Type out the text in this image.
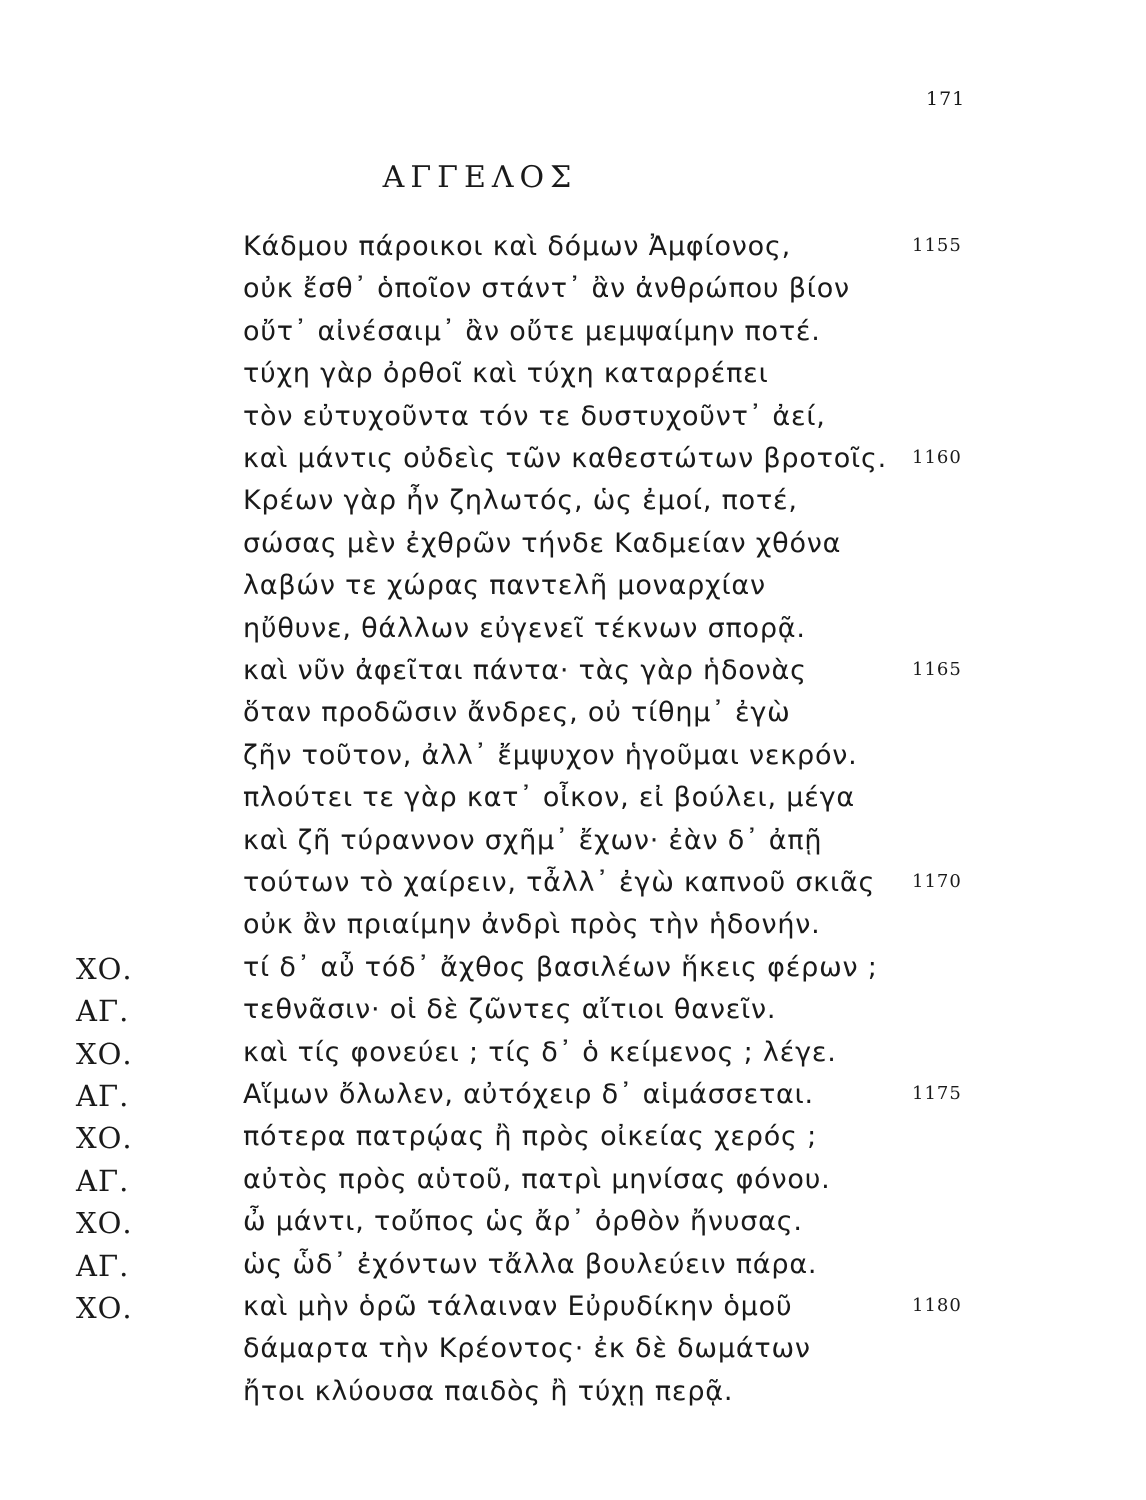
171
ΑΓΓΕΛΟΣ
Κάδμου πάροικοι καὶ δόμων Ἀμφίονος,	1155
οὐκ ἔσθ᾽ ὁποῖον στάντ᾽ ἂν ἀνθρώπου βίον
οὔτ᾽ αἰνέσαιμ᾽ ἂν οὔτε μεμψαίμην ποτέ.
τύχη γὰρ ὀρθοῖ καὶ τύχη καταρρέπει
τὸν εὐτυχοῦντα τόν τε δυστυχοῦντ᾽ ἀεί,
καὶ μάντις οὐδεὶς τῶν καθεστώτων βροτοῖς. 1160
Κρέων γὰρ ἦν ζηλωτός, ὡς ἐμοί, ποτέ,
σώσας μὲν ἐχθρῶν τήνδε Καδμείαν χθόνα
λαβών τε χώρας παντελῆ μοναρχίαν
ηὔθυνε, θάλλων εὐγενεῖ τέκνων σπορᾷ.
καὶ νῦν ἀφεῖται πάντα· τὰς γὰρ ἡδονὰς	1165
ὅταν προδῶσιν ἄνδρες, οὐ τίθημ᾽ ἐγὼ
ζῆν τοῦτον, ἀλλ᾽ ἔμψυχον ἡγοῦμαι νεκρόν.
πλούτει τε γὰρ κατ᾽ οἶκον, εἰ βούλει, μέγα
καὶ ζῆ τύραννον σχῆμ᾽ ἔχων· ἐὰν δ᾽ ἀπῇ
τούτων τὸ χαίρειν, τἆλλ᾽ ἐγὼ καπνοῦ σκιᾶς 1170
οὐκ ἂν πριαίμην ἀνδρὶ πρὸς τὴν ἡδονήν.
ΧΟ.	τί δ᾽ αὖ τόδ᾽ ἄχθος βασιλέων ἥκεις φέρων ;
ΑΓ.	τεθνᾶσιν· οἱ δὲ ζῶντες αἴτιοι θανεῖν.
ΧΟ.	καὶ τίς φονεύει ; τίς δ᾽ ὁ κείμενος ; λέγε.
ΑΓ.	Αἵμων ὄλωλεν, αὐτόχειρ δ᾽ αἱμάσσεται.	1175
ΧΟ.	πότερα πατρῴας ἢ πρὸς οἰκείας χερός ;
ΑΓ.	αὐτὸς πρὸς αὑτοῦ, πατρὶ μηνίσας φόνου.
ΧΟ.	ὦ μάντι, τοὔπος ὡς ἄρ᾽ ὀρθὸν ἤνυσας.
ΑΓ.	ὡς ὧδ᾽ ἐχόντων τἄλλα βουλεύειν πάρα.
ΧΟ.	καὶ μὴν ὁρῶ τάλαιναν Εὐρυδίκην ὁμοῦ	1180
δάμαρτα τὴν Κρέοντος· ἐκ δὲ δωμάτων
ἤτοι κλύουσα παιδὸς ἢ τύχῃ περᾷ.
